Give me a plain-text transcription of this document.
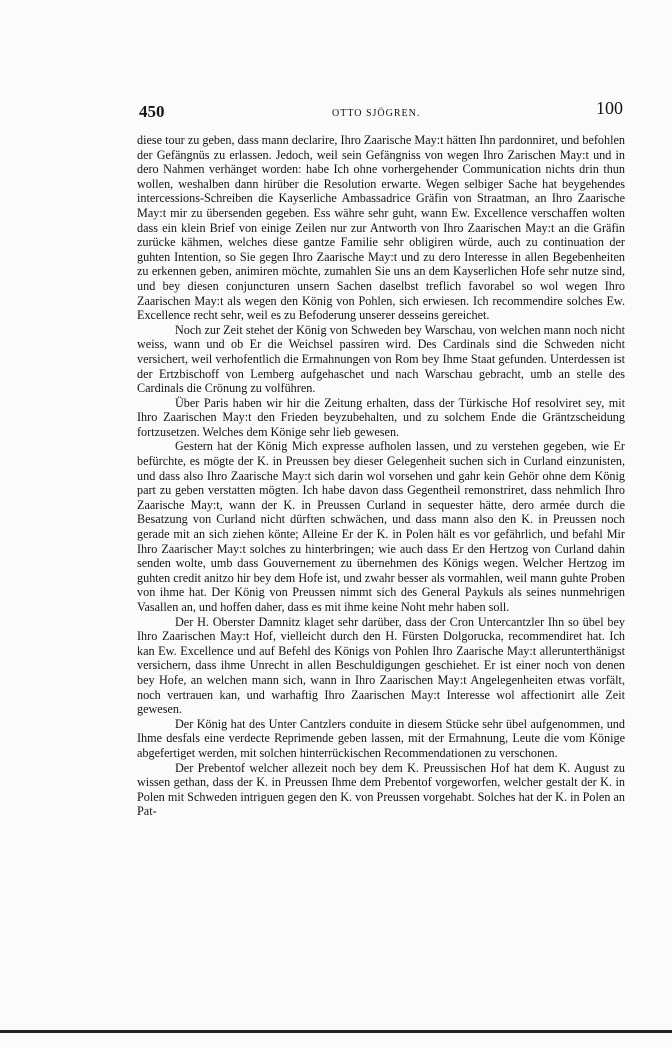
450	OTTO SJÖGREN.	100

diese tour zu geben, dass mann declarire, Ihro Zaarische May:t hätten Ihn pardonniret, und befohlen der Gefängnüs zu erlassen. Jedoch, weil sein Gefängniss von wegen Ihro Zarischen May:t und in dero Nahmen verhänget worden: habe Ich ohne vorhergehender Communication nichts drin thun wollen, weshalben dann hirüber die Resolution erwarte. Wegen selbiger Sache hat beygehendes intercessions-Schreiben die Kayserliche Ambassadrice Gräfin von Straatman, an Ihro Zaarische May:t mir zu übersenden gegeben. Ess währe sehr guht, wann Ew. Excellence verschaffen wolten dass ein klein Brief von einige Zeilen nur zur Antworth von Ihro Zaarischen May:t an die Gräfin zurücke kähmen, welches diese gantze Familie sehr obligiren würde, auch zu continuation der guhten Intention, so Sie gegen Ihro Zaarische May:t und zu dero Interesse in allen Begebenheiten zu erkennen geben, animiren möchte, zumahlen Sie uns an dem Kayserlichen Hofe sehr nutze sind, und bey diesen conjuncturen unsern Sachen daselbst treflich favorabel so wol wegen Ihro Zaarischen May:t als wegen den König von Pohlen, sich erwiesen. Ich recommendire solches Ew. Excellence recht sehr, weil es zu Befoderung unserer desseins gereichet.

Noch zur Zeit stehet der König von Schweden bey Warschau, von welchen mann noch nicht weiss, wann und ob Er die Weichsel passiren wird. Des Cardinals sind die Schweden nicht versichert, weil verhofentlich die Ermahnungen von Rom bey Ihme Staat gefunden. Unterdessen ist der Ertzbischoff von Lemberg aufgehaschet und nach Warschau gebracht, umb an stelle des Cardinals die Crönung zu volführen.

Über Paris haben wir hir die Zeitung erhalten, dass der Türkische Hof resolviret sey, mit Ihro Zaarischen May:t den Frieden beyzubehalten, und zu solchem Ende die Gräntzscheidung fortzusetzen. Welches dem Könige sehr lieb gewesen.

Gestern hat der König Mich expresse aufholen lassen, und zu verstehen gegeben, wie Er befürchte, es mögte der K. in Preussen bey dieser Gelegenheit suchen sich in Curland einzunisten, und dass also Ihro Zaarische May:t sich darin wol vorsehen und gahr kein Gehör ohne dem König part zu geben verstatten mögten. Ich habe davon dass Gegentheil remonstriret, dass nehmlich Ihro Zaarische May:t, wann der K. in Preussen Curland in sequester hätte, dero armée durch die Besatzung von Curland nicht dürften schwächen, und dass mann also den K. in Preussen noch gerade mit an sich ziehen könte; Alleine Er der K. in Polen hält es vor gefährlich, und befahl Mir Ihro Zaarischer May:t solches zu hinterbringen; wie auch dass Er den Hertzog von Curland dahin senden wolte, umb dass Gouvernement zu übernehmen des Königs wegen. Welcher Hertzog im guhten credit anitzo hir bey dem Hofe ist, und zwahr besser als vormahlen, weil mann guhte Proben von ihme hat. Der König von Preussen nimmt sich des General Paykuls als seines nunmehrigen Vasallen an, und hoffen daher, dass es mit ihme keine Noht mehr haben soll.

Der H. Oberster Damnitz klaget sehr darüber, dass der Cron Untercantzler Ihn so übel bey Ihro Zaarischen May:t Hof, vielleicht durch den H. Fürsten Dolgorucka, recommendiret hat. Ich kan Ew. Excellence und auf Befehl des Königs von Pohlen Ihro Zaarische May:t allerunterthänigst versichern, dass ihme Unrecht in allen Beschuldigungen geschiehet. Er ist einer noch von denen bey Hofe, an welchen mann sich, wann in Ihro Zaarischen May:t Angelegenheiten etwas vorfält, noch vertrauen kan, und warhaftig Ihro Zaarischen May:t Interesse wol affectionirt alle Zeit gewesen.

Der König hat des Unter Cantzlers conduite in diesem Stücke sehr übel aufgenommen, und Ihme desfals eine verdecte Reprimende geben lassen, mit der Ermahnung, Leute die vom Könige abgefertiget werden, mit solchen hinterrückischen Recommendationen zu verschonen.

Der Prebentof welcher allezeit noch bey dem K. Preussischen Hof hat dem K. August zu wissen gethan, dass der K. in Preussen Ihme dem Prebentof vorgeworfen, welcher gestalt der K. in Polen mit Schweden intriguen gegen den K. von Preussen vorgehabt. Solches hat der K. in Polen an Pat-
